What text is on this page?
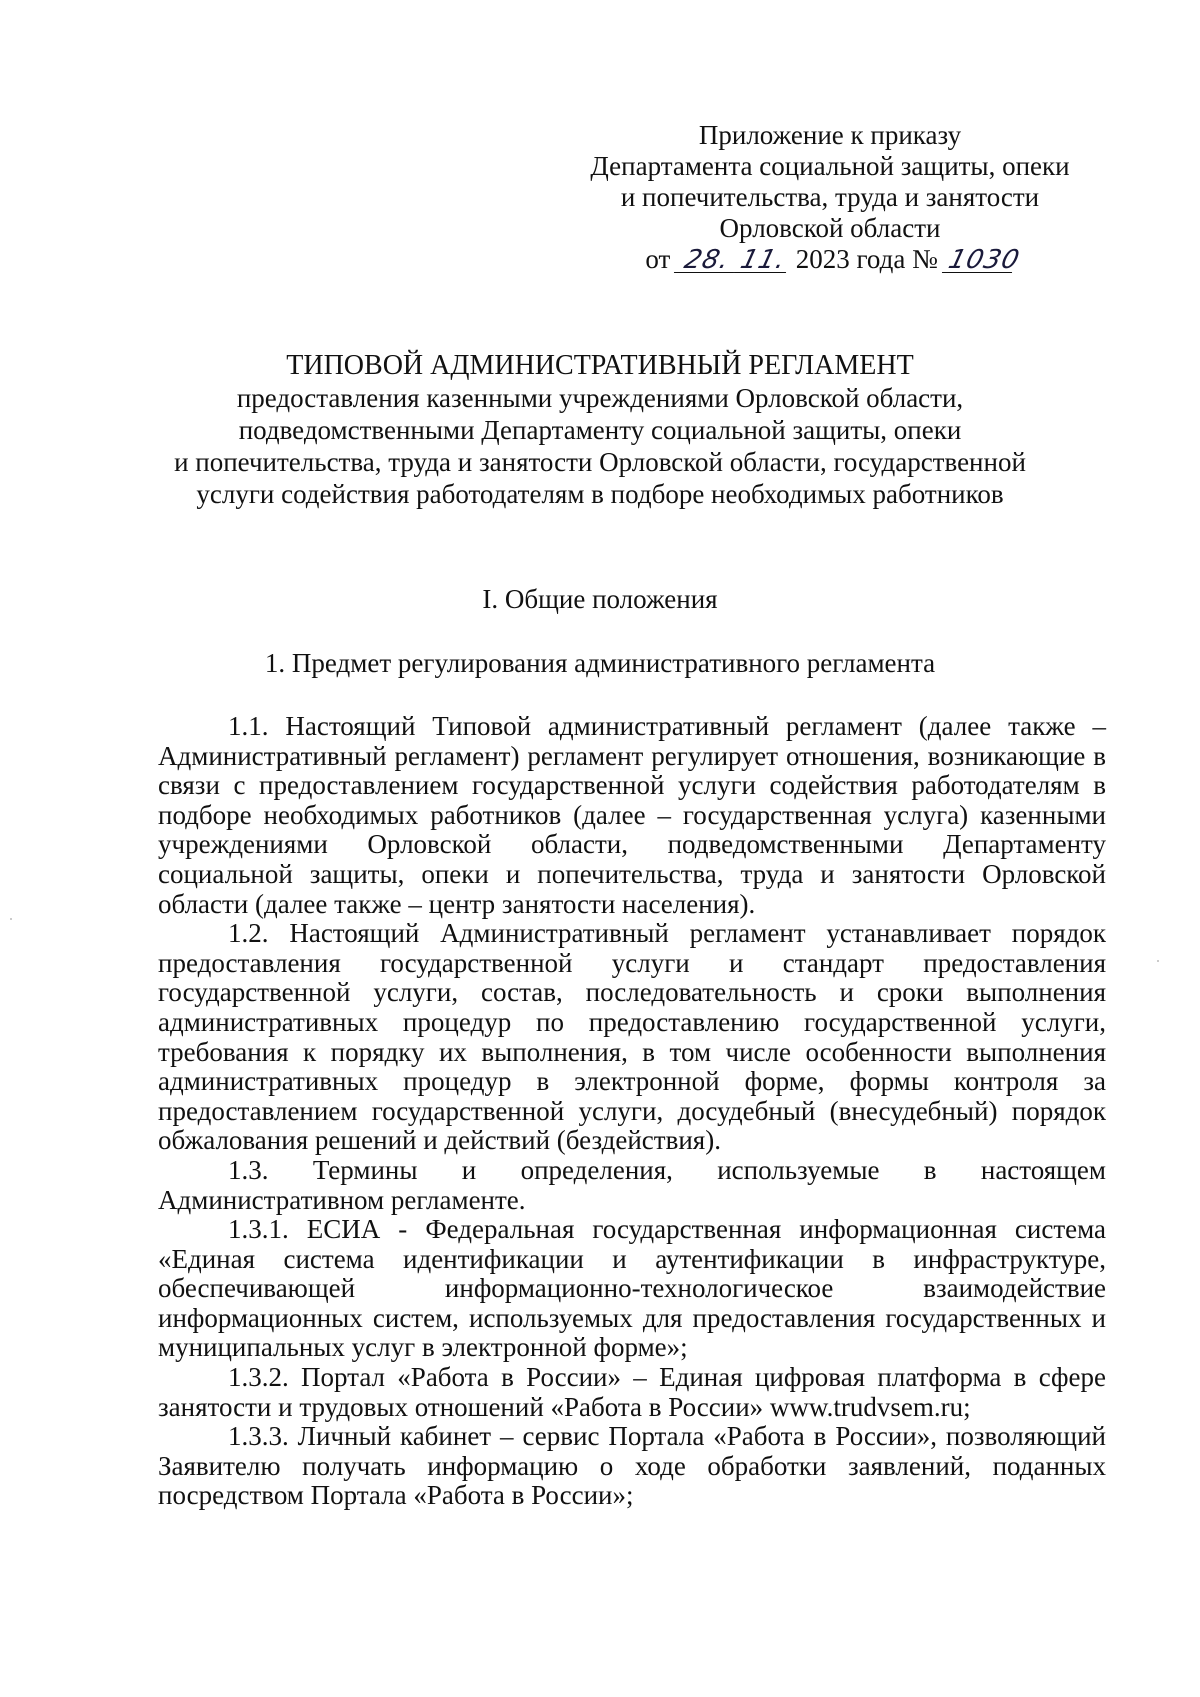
Приложение к приказу
Департамента социальной защиты, опеки
и попечительства, труда и занятости
Орловской области
от 28. 11. 2023 года № 1030
ТИПОВОЙ АДМИНИСТРАТИВНЫЙ РЕГЛАМЕНТ
предоставления казенными учреждениями Орловской области,
подведомственными Департаменту социальной защиты, опеки
и попечительства, труда и занятости Орловской области, государственной
услуги содействия работодателям в подборе необходимых работников
I. Общие положения
1. Предмет регулирования административного регламента

1.1. Настоящий Типовой административный регламент (далее также – Административный регламент) регламент регулирует отношения, возникающие в связи с предоставлением государственной услуги содействия работодателям в подборе необходимых работников (далее – государственная услуга) казенными учреждениями Орловской области, подведомственными Департаменту социальной защиты, опеки и попечительства, труда и занятости Орловской области (далее также – центр занятости населения).

1.2. Настоящий Административный регламент устанавливает порядок предоставления государственной услуги и стандарт предоставления государственной услуги, состав, последовательность и сроки выполнения административных процедур по предоставлению государственной услуги, требования к порядку их выполнения, в том числе особенности выполнения административных процедур в электронной форме, формы контроля за предоставлением государственной услуги, досудебный (внесудебный) порядок обжалования решений и действий (бездействия).

1.3. Термины и определения, используемые в настоящем Административном регламенте.

1.3.1. ЕСИА - Федеральная государственная информационная система «Единая система идентификации и аутентификации в инфраструктуре, обеспечивающей информационно-технологическое взаимодействие информационных систем, используемых для предоставления государственных и муниципальных услуг в электронной форме»;

1.3.2. Портал «Работа в России» – Единая цифровая платформа в сфере занятости и трудовых отношений «Работа в России» www.trudvsem.ru;

1.3.3. Личный кабинет – сервис Портала «Работа в России», позволяющий Заявителю получать информацию о ходе обработки заявлений, поданных посредством Портала «Работа в России»;
